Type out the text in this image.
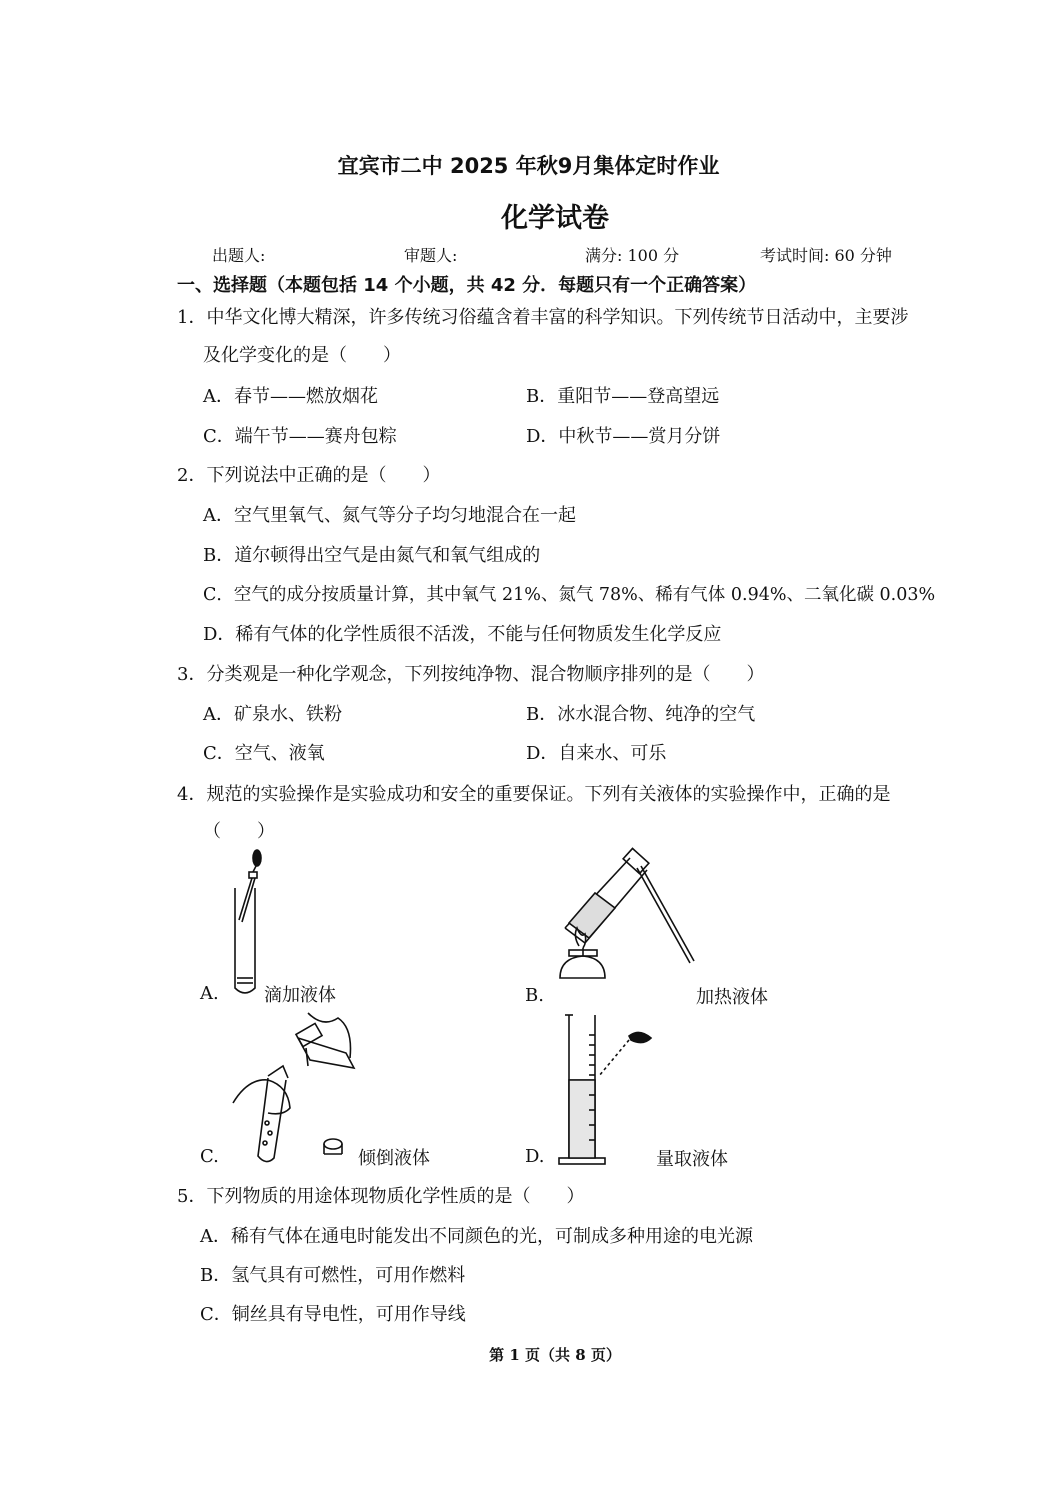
宜宾市二中 2025 年秋9月集体定时作业
化学试卷
出题人:	审题人:	满分: 100 分	考试时间: 60 分钟
一、选择题（本题包括 14 个小题，共 42 分．每题只有一个正确答案）
1．中华文化博大精深，许多传统习俗蕴含着丰富的科学知识。下列传统节日活动中，主要涉
及化学变化的是（　　）
A．春节——燃放烟花	B．重阳节——登高望远
C．端午节——赛舟包粽	D．中秋节——赏月分饼
2．下列说法中正确的是（　　）
A．空气里氧气、氮气等分子均匀地混合在一起
B．道尔顿得出空气是由氮气和氧气组成的
C．空气的成分按质量计算，其中氧气 21%、氮气 78%、稀有气体 0.94%、二氧化碳 0.03%
D．稀有气体的化学性质很不活泼，不能与任何物质发生化学反应
3．分类观是一种化学观念，下列按纯净物、混合物顺序排列的是（　　）
A．矿泉水、铁粉	B．冰水混合物、纯净的空气
C．空气、液氧	D．自来水、可乐
4．规范的实验操作是实验成功和安全的重要保证。下列有关液体的实验操作中，正确的是
（　　）
A.	滴加液体	B.	加热液体
C.	倾倒液体	D.	量取液体
5．下列物质的用途体现物质化学性质的是（　　）
A．稀有气体在通电时能发出不同颜色的光，可制成多种用途的电光源
B．氢气具有可燃性，可用作燃料
C．铜丝具有导电性，可用作导线
第 1 页（共 8 页）
